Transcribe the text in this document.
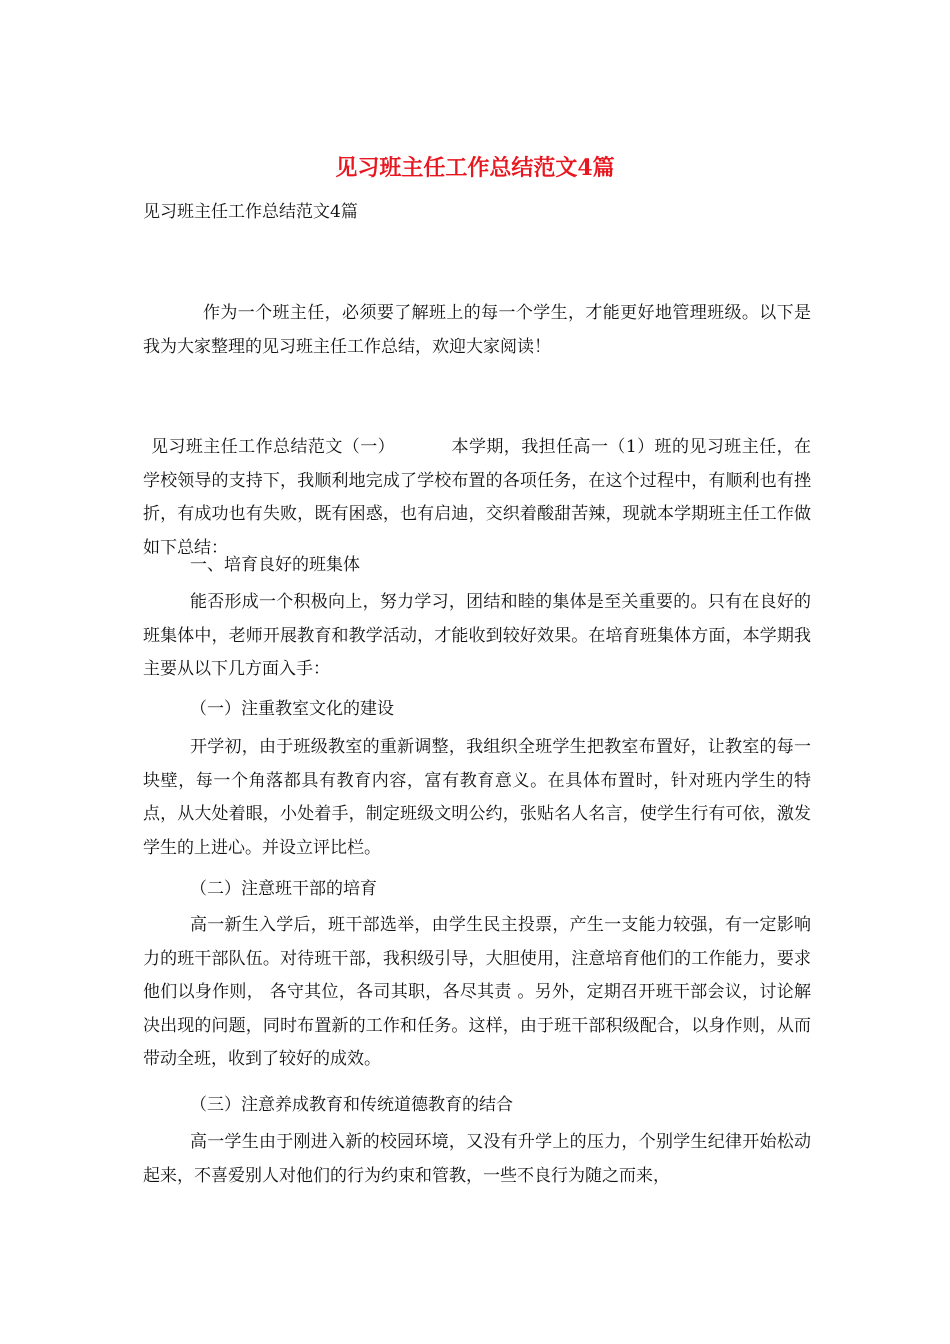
见习班主任工作总结范文4篇

见习班主任工作总结范文4篇

作为一个班主任，必须要了解班上的每一个学生，才能更好地管理班级。以下是我为大家整理的见习班主任工作总结，欢迎大家阅读！

见习班主任工作总结范文（一）	本学期，我担任高一（1）班的见习班主任，在学校领导的支持下，我顺利地完成了学校布置的各项任务，在这个过程中，有顺利也有挫折，有成功也有失败，既有困惑，也有启迪，交织着酸甜苦辣，现就本学期班主任工作做如下总结：

一、培育良好的班集体

能否形成一个积极向上，努力学习，团结和睦的集体是至关重要的。只有在良好的班集体中，老师开展教育和教学活动，才能收到较好效果。在培育班集体方面，本学期我主要从以下几方面入手：

（一）注重教室文化的建设

开学初，由于班级教室的重新调整，我组织全班学生把教室布置好，让教室的每一块壁，每一个角落都具有教育内容，富有教育意义。在具体布置时，针对班内学生的特点，从大处着眼，小处着手，制定班级文明公约，张贴名人名言，使学生行有可依，激发学生的上进心。并设立评比栏。

（二）注意班干部的培育

高一新生入学后，班干部选举，由学生民主投票，产生一支能力较强，有一定影响力的班干部队伍。对待班干部，我积级引导，大胆使用，注意培育他们的工作能力，要求他们以身作则， 各守其位，各司其职，各尽其责 。另外，定期召开班干部会议，讨论解决出现的问题，同时布置新的工作和任务。这样，由于班干部积级配合，以身作则，从而带动全班，收到了较好的成效。

（三）注意养成教育和传统道德教育的结合

高一学生由于刚进入新的校园环境，又没有升学上的压力，个别学生纪律开始松动起来，不喜爱别人对他们的行为约束和管教，一些不良行为随之而来，
